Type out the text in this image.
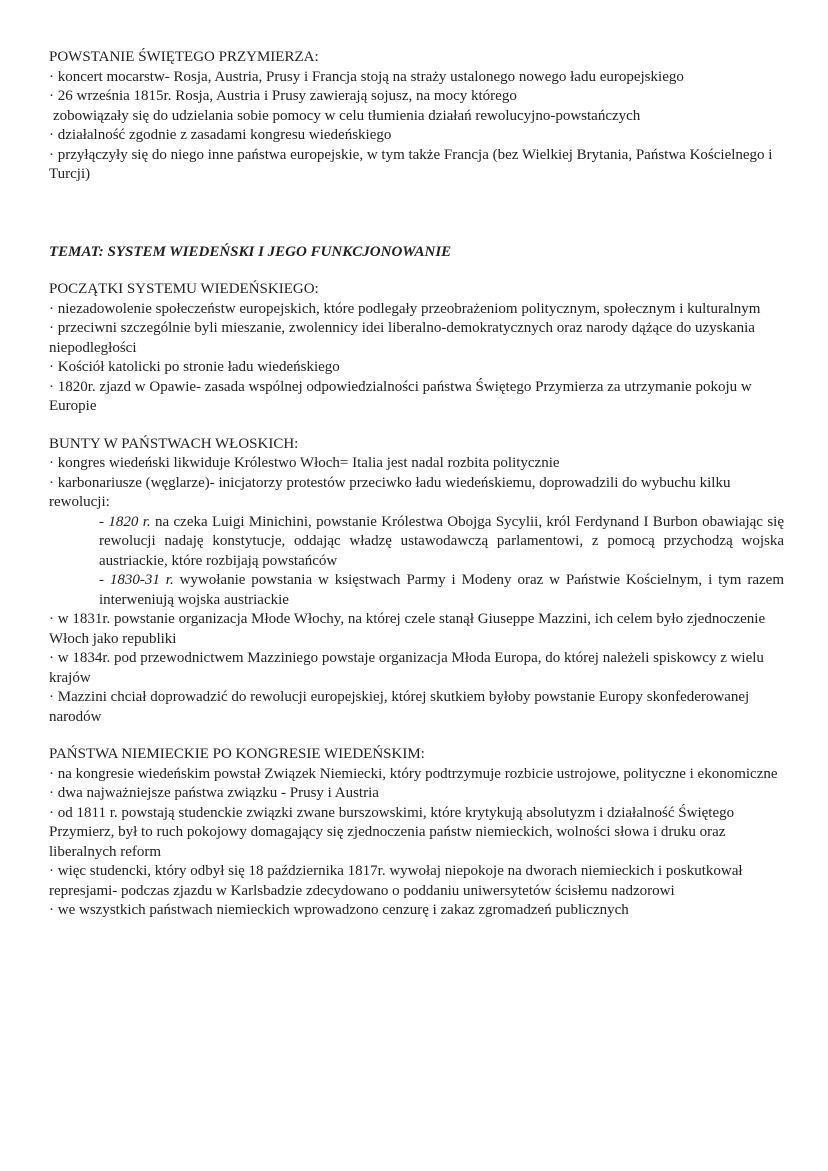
POWSTANIE ŚWIĘTEGO PRZYMIERZA:

· koncert mocarstw- Rosja, Austria, Prusy i Francja stoją na straży ustalonego nowego ładu europejskiego

· 26 września 1815r. Rosja, Austria i Prusy zawierają sojusz, na mocy którego

zobowiązały się do udzielania sobie pomocy w celu tłumienia działań rewolucyjno-powstańczych

· działalność zgodnie z zasadami kongresu wiedeńskiego

· przyłączyły się do niego inne państwa europejskie, w tym także Francja (bez Wielkiej Brytania, Państwa Kościelnego i Turcji)

TEMAT: SYSTEM WIEDEŃSKI I JEGO FUNKCJONOWANIE

POCZĄTKI SYSTEMU WIEDEŃSKIEGO:

· niezadowolenie społeczeństw europejskich, które podlegały przeobrażeniom politycznym, społecznym i kulturalnym

· przeciwni szczególnie byli mieszanie, zwolennicy idei liberalno-demokratycznych oraz narody dążące do uzyskania niepodległości

· Kościół katolicki po stronie ładu wiedeńskiego

· 1820r. zjazd w Opawie- zasada wspólnej odpowiedzialności państwa Świętego Przymierza za utrzymanie pokoju w Europie

BUNTY W PAŃSTWACH WŁOSKICH:

· kongres wiedeński likwiduje Królestwo Włoch= Italia jest nadal rozbita politycznie

· karbonariusze (węglarze)- inicjatorzy protestów przeciwko ładu wiedeńskiemu, doprowadzili do wybuchu kilku rewolucji:

- 1820 r. na czeka Luigi Minichini, powstanie Królestwa Obojga Sycylii, król Ferdynand I Burbon obawiając się rewolucji nadaję konstytucje, oddając władzę ustawodawczą parlamentowi, z pomocą przychodzą wojska austriackie, które rozbijają powstańców

- 1830-31 r. wywołanie powstania w księstwach Parmy i Modeny oraz w Państwie Kościelnym, i tym razem interweniują wojska austriackie

· w 1831r. powstanie organizacja Młode Włochy, na której czele stanął Giuseppe Mazzini, ich celem było zjednoczenie Włoch jako republiki

· w 1834r. pod przewodnictwem Mazziniego powstaje organizacja Młoda Europa, do której należeli spiskowcy z wielu krajów

· Mazzini chciał doprowadzić do rewolucji europejskiej, której skutkiem byłoby powstanie Europy skonfederowanej narodów

PAŃSTWA NIEMIECKIE PO KONGRESIE WIEDEŃSKIM:

· na kongresie wiedeńskim powstał Związek Niemiecki, który podtrzymuje rozbicie ustrojowe, polityczne i ekonomiczne

· dwa najważniejsze państwa związku - Prusy i Austria

· od 1811 r. powstają studenckie związki zwane burszowskimi, które krytykują absolutyzm i działalność Świętego Przymierz, był to ruch pokojowy domagający się zjednoczenia państw niemieckich, wolności słowa i druku oraz liberalnych reform

· więc studencki, który odbył się 18 października 1817r. wywołaj niepokoje na dworach niemieckich i poskutkował represjami- podczas zjazdu w Karlsbadzie zdecydowano o poddaniu uniwersytetów ścisłemu nadzorowi

· we wszystkich państwach niemieckich wprowadzono cenzurę i zakaz zgromadzeń publicznych
